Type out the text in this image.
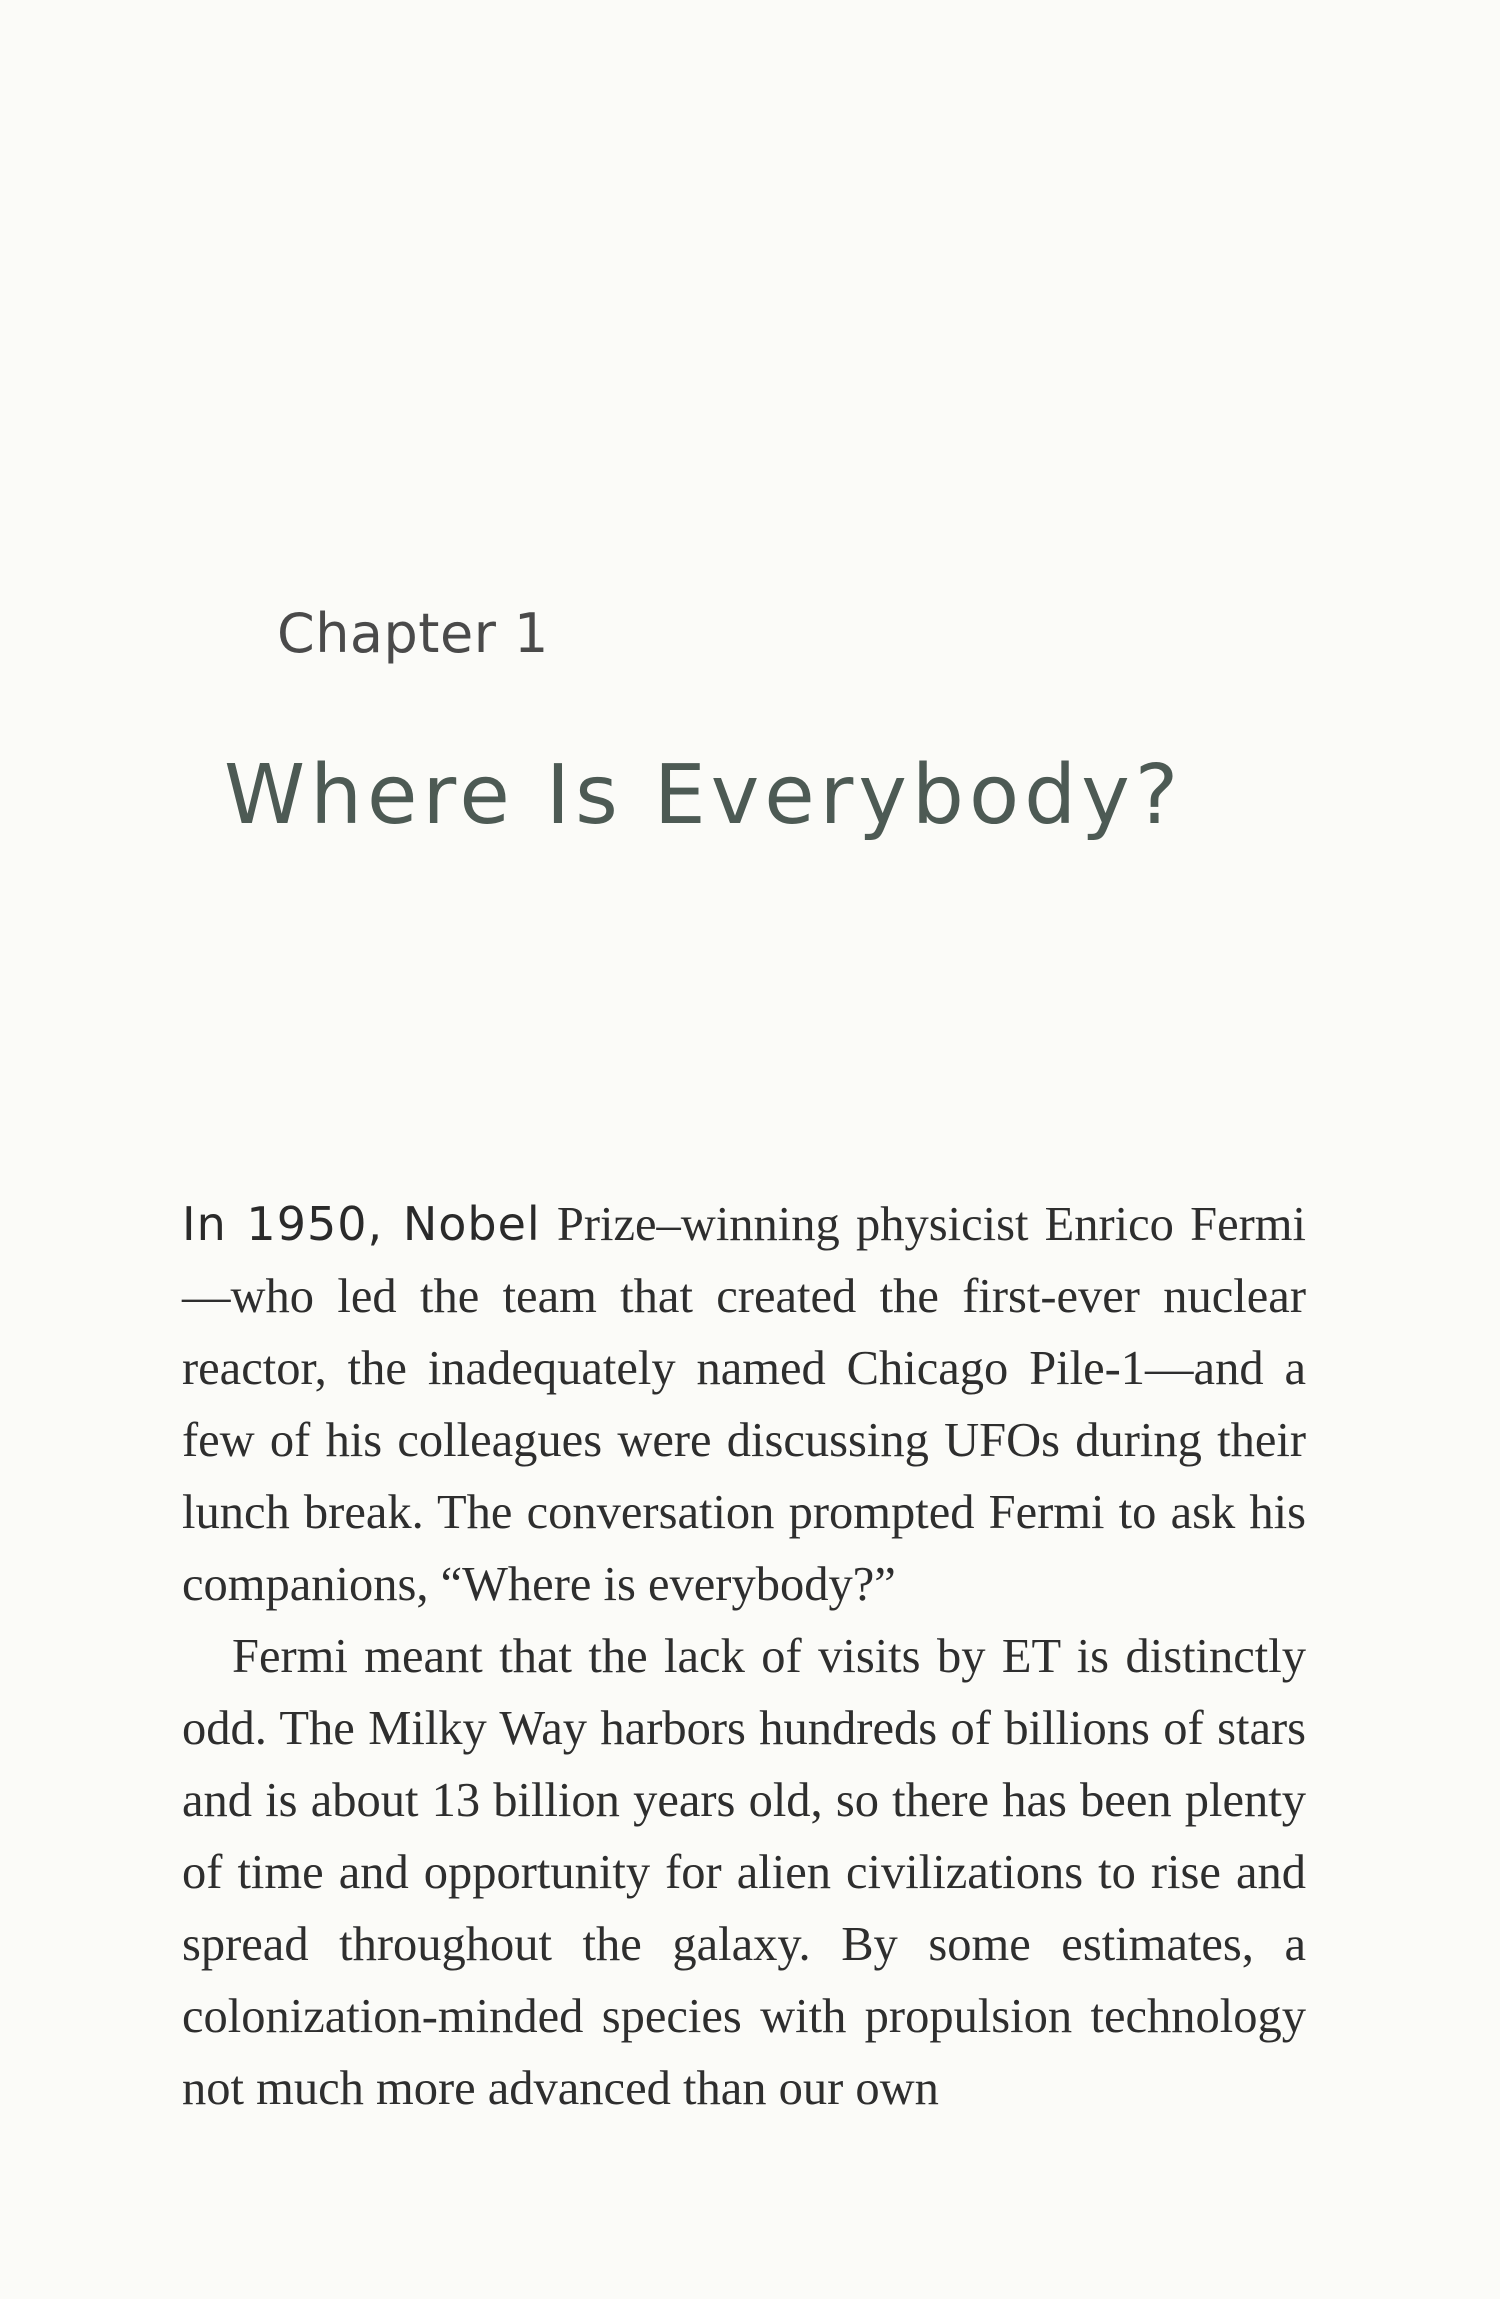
Chapter 1
Where Is Everybody?

In 1950, Nobel Prize–winning physicist Enrico Fermi—who led the team that created the first-ever nuclear reactor, the inadequately named Chicago Pile-1—and a few of his colleagues were discussing UFOs during their lunch break. The conversation prompted Fermi to ask his companions, “Where is everybody?”

Fermi meant that the lack of visits by ET is distinctly odd. The Milky Way harbors hundreds of billions of stars and is about 13 billion years old, so there has been plenty of time and opportunity for alien civilizations to rise and spread throughout the galaxy. By some estimates, a colonization-minded species with propulsion technology not much more advanced than our own
